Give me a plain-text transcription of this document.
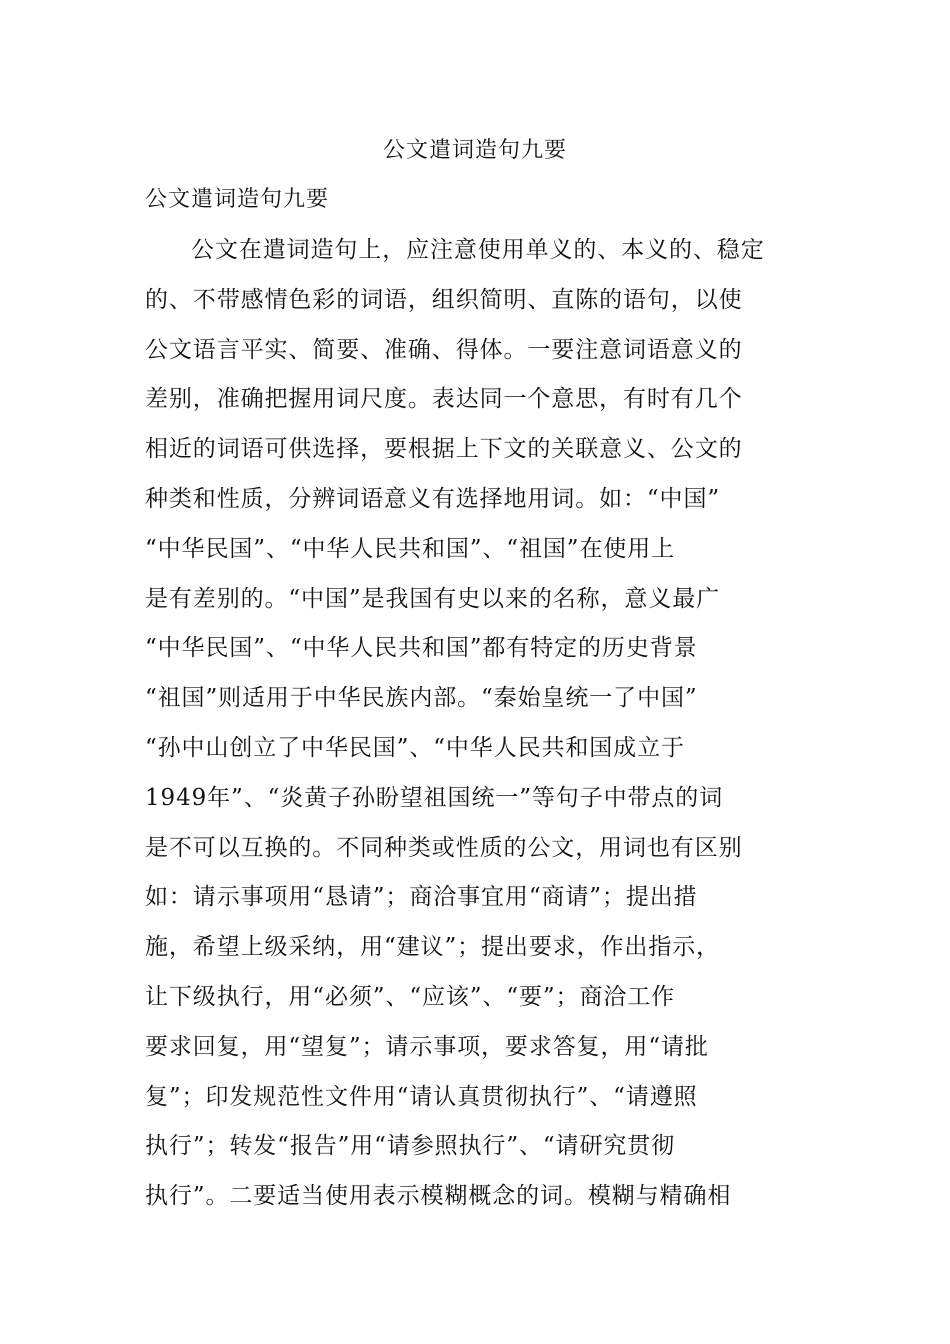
公文遣词造句九要
公文遣词造句九要
公文在遣词造句上，应注意使用单义的、本义的、稳定
的、不带感情色彩的词语，组织简明、直陈的语句，以使
公文语言平实、简要、准确、得体。一要注意词语意义的
差别，准确把握用词尺度。表达同一个意思，有时有几个
相近的词语可供选择，要根据上下文的关联意义、公文的
种类和性质，分辨词语意义有选择地用词。如：“中国”
“中华民国”、“中华人民共和国”、“祖国”在使用上
是有差别的。“中国”是我国有史以来的名称，意义最广
“中华民国”、“中华人民共和国”都有特定的历史背景
“祖国”则适用于中华民族内部。“秦始皇统一了中国”
“孙中山创立了中华民国”、“中华人民共和国成立于
1949年”、“炎黄子孙盼望祖国统一”等句子中带点的词
是不可以互换的。不同种类或性质的公文，用词也有区别
如：请示事项用“恳请”；商洽事宜用“商请”；提出措
施，希望上级采纳，用“建议”；提出要求，作出指示，
让下级执行，用“必须”、“应该”、“要”；商洽工作
要求回复，用“望复”；请示事项，要求答复，用“请批
复”；印发规范性文件用“请认真贯彻执行”、“请遵照
执行”；转发“报告”用“请参照执行”、“请研究贯彻
执行”。二要适当使用表示模糊概念的词。模糊与精确相
